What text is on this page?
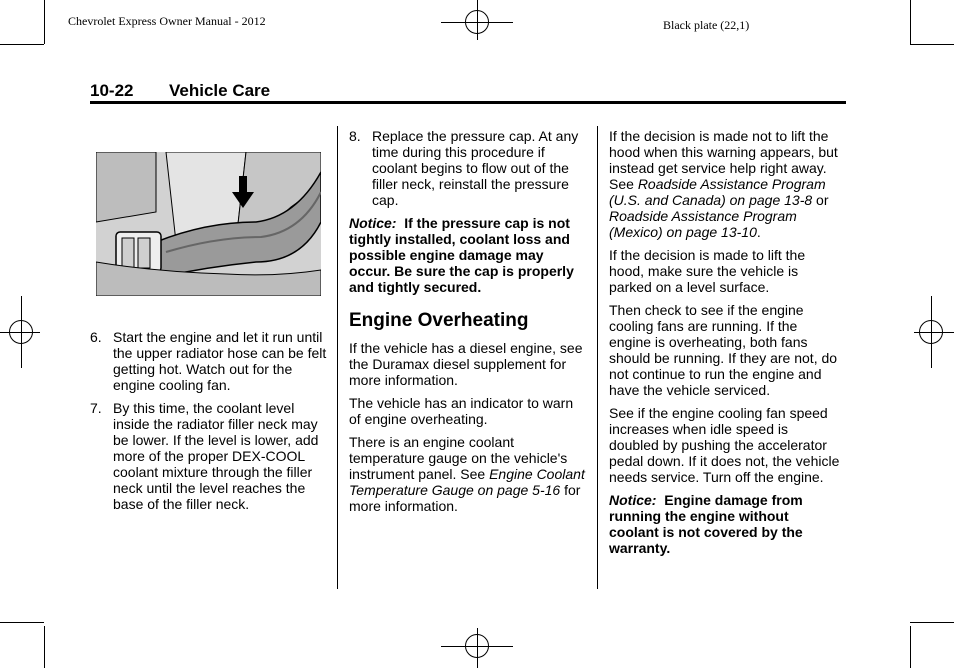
Chevrolet Express Owner Manual - 2012	Black plate (22,1)
10-22 Vehicle Care
6. Start the engine and let it run until the upper radiator hose can be felt getting hot. Watch out for the engine cooling fan.
7. By this time, the coolant level inside the radiator filler neck may be lower. If the level is lower, add more of the proper DEX-COOL coolant mixture through the filler neck until the level reaches the base of the filler neck.
8. Replace the pressure cap. At any time during this procedure if coolant begins to flow out of the filler neck, reinstall the pressure cap.

Notice: If the pressure cap is not tightly installed, coolant loss and possible engine damage may occur. Be sure the cap is properly and tightly secured.

Engine Overheating

If the vehicle has a diesel engine, see the Duramax diesel supplement for more information.

The vehicle has an indicator to warn of engine overheating.

There is an engine coolant temperature gauge on the vehicle's instrument panel. See Engine Coolant Temperature Gauge on page 5-16 for more information.

If the decision is made not to lift the hood when this warning appears, but instead get service help right away. See Roadside Assistance Program (U.S. and Canada) on page 13-8 or Roadside Assistance Program (Mexico) on page 13-10.

If the decision is made to lift the hood, make sure the vehicle is parked on a level surface.

Then check to see if the engine cooling fans are running. If the engine is overheating, both fans should be running. If they are not, do not continue to run the engine and have the vehicle serviced.

See if the engine cooling fan speed increases when idle speed is doubled by pushing the accelerator pedal down. If it does not, the vehicle needs service. Turn off the engine.

Notice: Engine damage from running the engine without coolant is not covered by the warranty.
